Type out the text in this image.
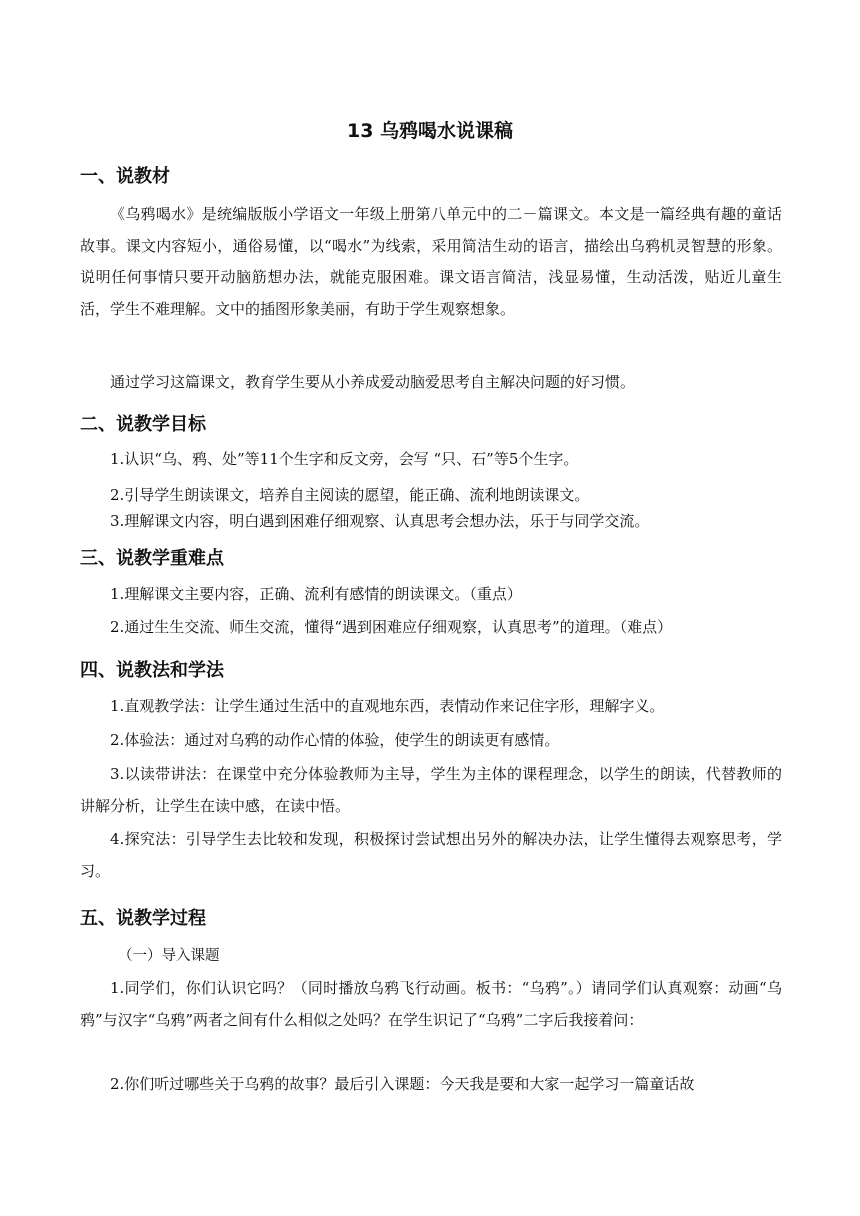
13 乌鸦喝水说课稿
一、说教材
《乌鸦喝水》是统编版版小学语文一年级上册第八单元中的二－篇课文。本文是一篇经典有趣的童话故事。课文内容短小，通俗易懂，以“喝水”为线索，采用简洁生动的语言，描绘出乌鸦机灵智慧的形象。说明任何事情只要开动脑筋想办法，就能克服困难。课文语言简洁，浅显易懂，生动活泼，贴近儿童生活，学生不难理解。文中的插图形象美丽，有助于学生观察想象。
通过学习这篇课文，教育学生要从小养成爱动脑爱思考自主解决问题的好习惯。
二、说教学目标
1.认识“乌、鸦、处”等11个生字和反文旁，会写 “只、石”等5个生字。
2.引导学生朗读课文，培养自主阅读的愿望，能正确、流利地朗读课文。
3.理解课文内容，明白遇到困难仔细观察、认真思考会想办法，乐于与同学交流。
三、说教学重难点
1.理解课文主要内容，正确、流利有感情的朗读课文。（重点）
2.通过生生交流、师生交流，懂得“遇到困难应仔细观察，认真思考”的道理。（难点）
四、说教法和学法
1.直观教学法：让学生通过生活中的直观地东西，表情动作来记住字形，理解字义。
2.体验法：通过对乌鸦的动作心情的体验，使学生的朗读更有感情。
3.以读带讲法：在课堂中充分体验教师为主导，学生为主体的课程理念，以学生的朗读，代替教师的讲解分析，让学生在读中感，在读中悟。
4.探究法：引导学生去比较和发现，积极探讨尝试想出另外的解决办法，让学生懂得去观察思考，学习。
五、说教学过程
（一）导入课题
1.同学们，你们认识它吗？（同时播放乌鸦飞行动画。板书：“乌鸦”。）请同学们认真观察：动画“乌鸦”与汉字“乌鸦”两者之间有什么相似之处吗？在学生识记了“乌鸦”二字后我接着问：
2.你们听过哪些关于乌鸦的故事？最后引入课题：今天我是要和大家一起学习一篇童话故
